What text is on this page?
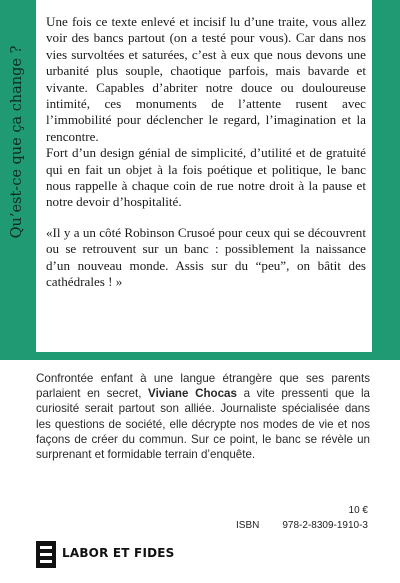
Qu’est-ce que ça change ?

Une fois ce texte enlevé et incisif lu d’une traite, vous allez voir des bancs partout (on a testé pour vous). Car dans nos vies survoltées et saturées, c’est à eux que nous devons une urbanité plus souple, chaotique parfois, mais bavarde et vivante. Capables d’abriter notre douce ou douloureuse intimité, ces monuments de l’attente rusent avec l’immobilité pour déclencher le regard, l’imagination et la rencontre.

Fort d’un design génial de simplicité, d’utilité et de gratuité qui en fait un objet à la fois poétique et politique, le banc nous rappelle à chaque coin de rue notre droit à la pause et notre devoir d’hospitalité.

«Il y a un côté Robinson Crusoé pour ceux qui se découvrent ou se retrouvent sur un banc : possiblement la naissance d’un nouveau monde. Assis sur du “peu”, on bâtit des cathédrales ! »

Confrontée enfant à une langue étrangère que ses parents parlaient en secret, Viviane Chocas a vite pressenti que la curiosité serait partout son alliée. Journaliste spécialisée dans les questions de société, elle décrypte nos modes de vie et nos façons de créer du commun. Sur ce point, le banc se révèle un surprenant et formidable terrain d’enquête.

10 €
ISBN 978-2-8309-1910-3
LABOR ET FIDES
